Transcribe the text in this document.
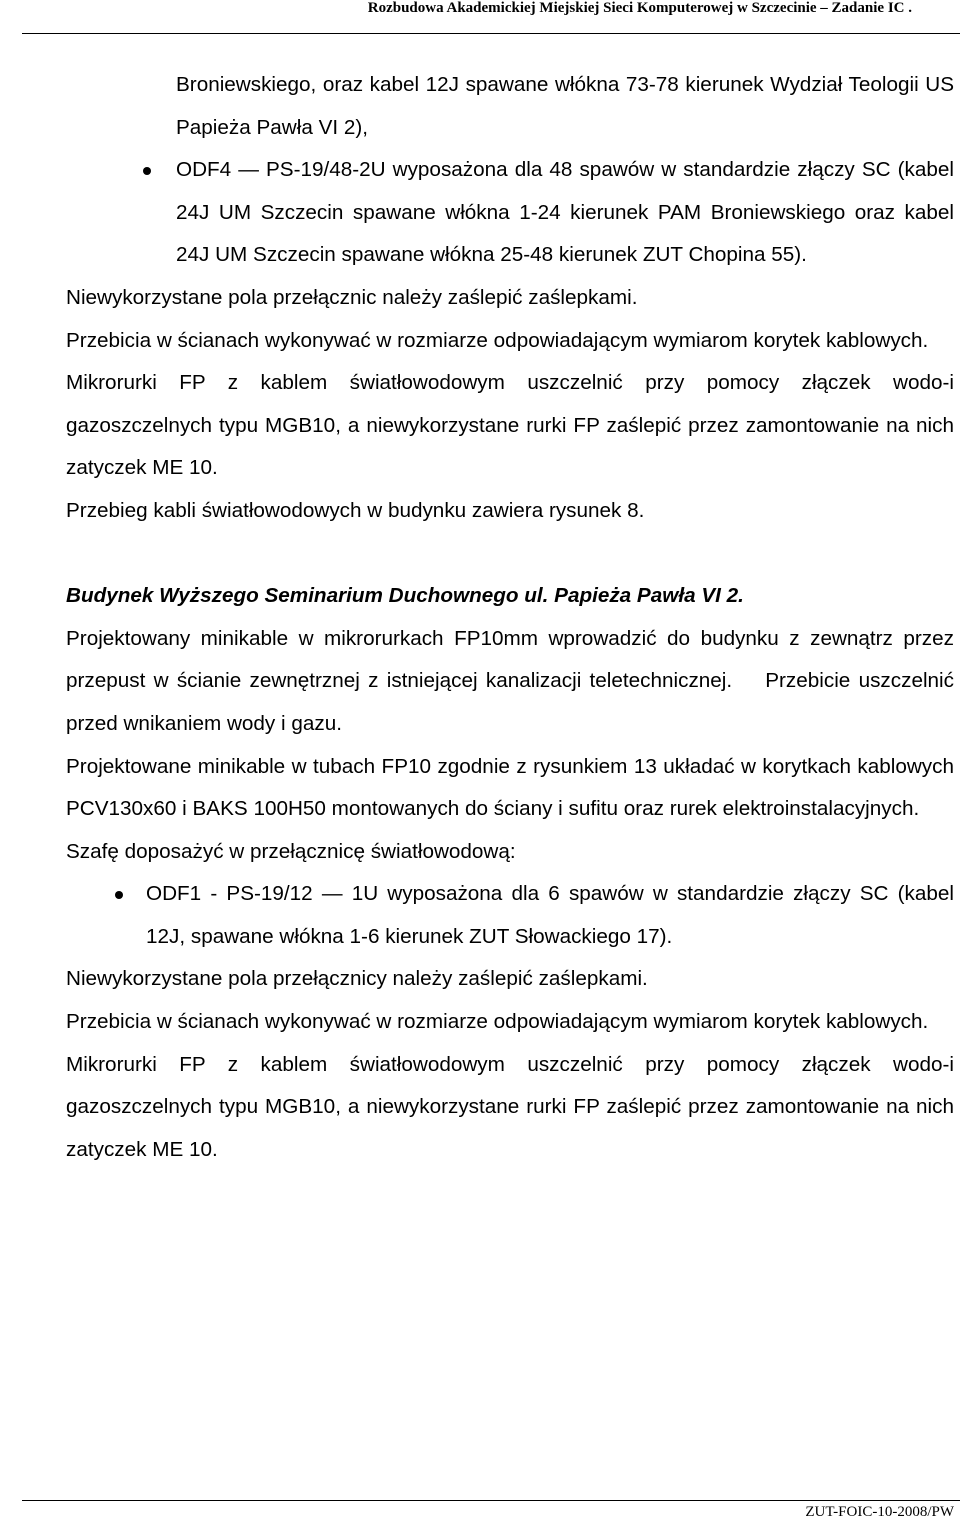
Rozbudowa Akademickiej Miejskiej Sieci Komputerowej w Szczecinie – Zadanie IC .

Broniewskiego, oraz kabel 12J spawane włókna 73-78 kierunek Wydział Teologii US Papieża Pawła VI 2),

ODF4 — PS-19/48-2U wyposażona dla 48 spawów w standardzie złączy SC (kabel 24J UM Szczecin spawane włókna 1-24 kierunek PAM Broniewskiego oraz kabel 24J UM Szczecin spawane włókna 25-48 kierunek ZUT Chopina 55).

Niewykorzystane pola przełącznic należy zaślepić zaślepkami.

Przebicia w ścianach wykonywać w rozmiarze odpowiadającym wymiarom korytek kablowych.

Mikrorurki FP z kablem światłowodowym uszczelnić przy pomocy złączek wodo-i gazoszczelnych typu MGB10, a niewykorzystane rurki FP zaślepić przez zamontowanie na nich zatyczek ME 10.

Przebieg kabli światłowodowych w budynku zawiera rysunek 8.

Budynek Wyższego Seminarium Duchownego ul. Papieża Pawła VI 2.

Projektowany minikable w mikrorurkach FP10mm wprowadzić do budynku z zewnątrz przez przepust w ścianie zewnętrznej z istniejącej kanalizacji teletechnicznej.    Przebicie uszczelnić przed wnikaniem wody i gazu.

Projektowane minikable w tubach FP10 zgodnie z rysunkiem 13 układać w korytkach kablowych PCV130x60 i BAKS 100H50 montowanych do ściany i sufitu oraz rurek elektroinstalacyjnych.

Szafę doposażyć w przełącznicę światłowodową:

ODF1 - PS-19/12 — 1U wyposażona dla 6 spawów w standardzie złączy SC (kabel 12J, spawane włókna 1-6 kierunek ZUT Słowackiego 17).

Niewykorzystane pola przełącznicy należy zaślepić zaślepkami.

Przebicia w ścianach wykonywać w rozmiarze odpowiadającym wymiarom korytek kablowych.

Mikrorurki FP z kablem światłowodowym uszczelnić przy pomocy złączek wodo-i gazoszczelnych typu MGB10, a niewykorzystane rurki FP zaślepić przez zamontowanie na nich zatyczek ME 10.

ZUT-FOIC-10-2008/PW
